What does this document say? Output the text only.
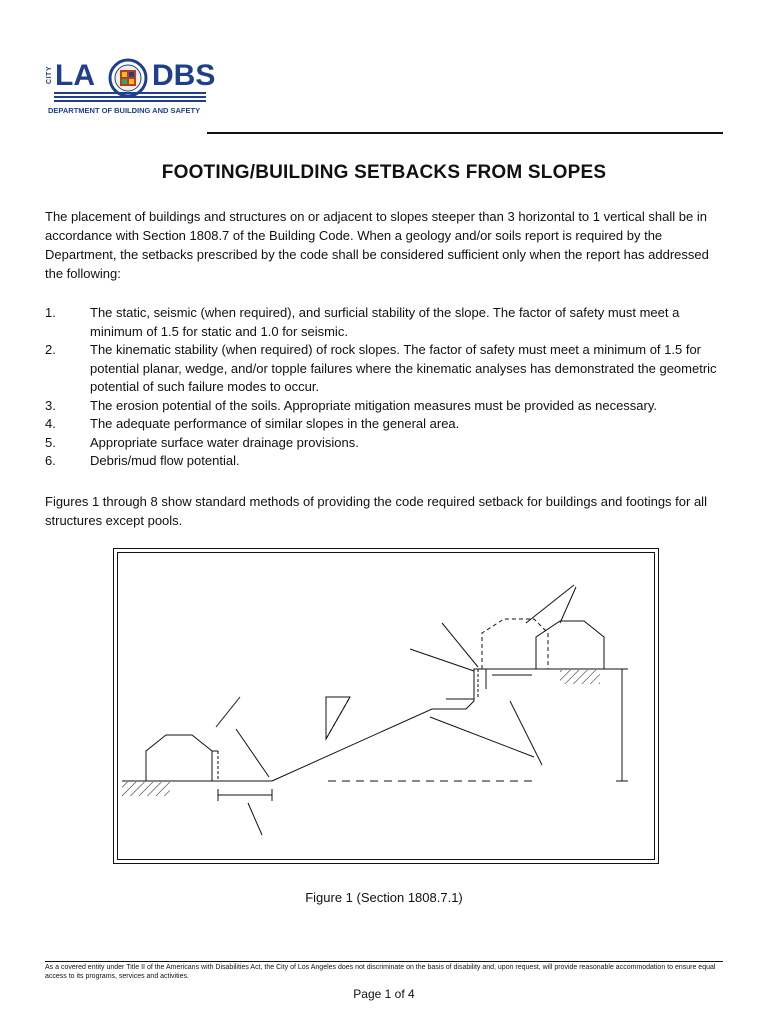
CITY LA DBS
DEPARTMENT OF BUILDING AND SAFETY
FOOTING/BUILDING SETBACKS FROM SLOPES

The placement of buildings and structures on or adjacent to slopes steeper than 3 horizontal to 1 vertical shall be in accordance with Section 1808.7 of the Building Code. When a geology and/or soils report is required by the Department, the setbacks prescribed by the code shall be considered sufficient only when the report has addressed the following:

1.	The static, seismic (when required), and surficial stability of the slope. The factor of safety must meet a minimum of 1.5 for static and 1.0 for seismic.
2.	The kinematic stability (when required) of rock slopes. The factor of safety must meet a minimum of 1.5 for potential planar, wedge, and/or topple failures where the kinematic analyses has demonstrated the geometric potential of such failure modes to occur.
3.	The erosion potential of the soils. Appropriate mitigation measures must be provided as necessary.
4.	The adequate performance of similar slopes in the general area.
5.	Appropriate surface water drainage provisions.
6.	Debris/mud flow potential.

Figures 1 through 8 show standard methods of providing the code required setback for buildings and footings for all structures except pools.

Figure 1 (Section 1808.7.1)

As a covered entity under Title II of the Americans with Disabilities Act, the City of Los Angeles does not discriminate on the basis of disability and, upon request, will provide reasonable accommodation to ensure equal access to its programs, services and activities.

Page 1 of 4
